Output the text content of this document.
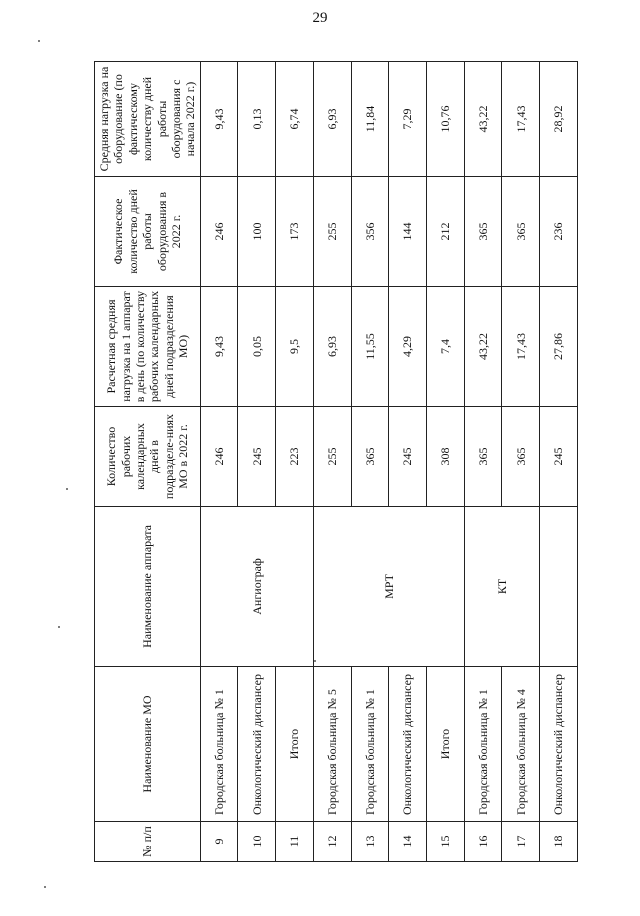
29
№ п/п	Наименование МО	Наименование аппарата	Количество рабочих календарных дней в подразделе-ниях МО в 2022 г.	Расчетная средняя нагрузка на 1 аппарат в день (по количеству рабочих календарных дней подразделения МО)	Фактическое количество дней работы оборудования в 2022 г.	Средняя нагрузка на оборудование (по фактическому количеству дней работы оборудования с начала 2022 г.)
9	Городская больница № 1	Ангиограф	246	9,43	246	9,43
10	Онкологический диспансер		245	0,05	100	0,13
11	Итого		223	9,5	173	6,74
12	Городская больница № 5	МРТ	255	6,93	255	6,93
13	Городская больница № 1		365	11,55	356	11,84
14	Онкологический диспансер		245	4,29	144	7,29
15	Итого		308	7,4	212	10,76
16	Городская больница № 1	КТ	365	43,22	365	43,22
17	Городская больница № 4		365	17,43	365	17,43
18	Онкологический диспансер		245	27,86	236	28,92
